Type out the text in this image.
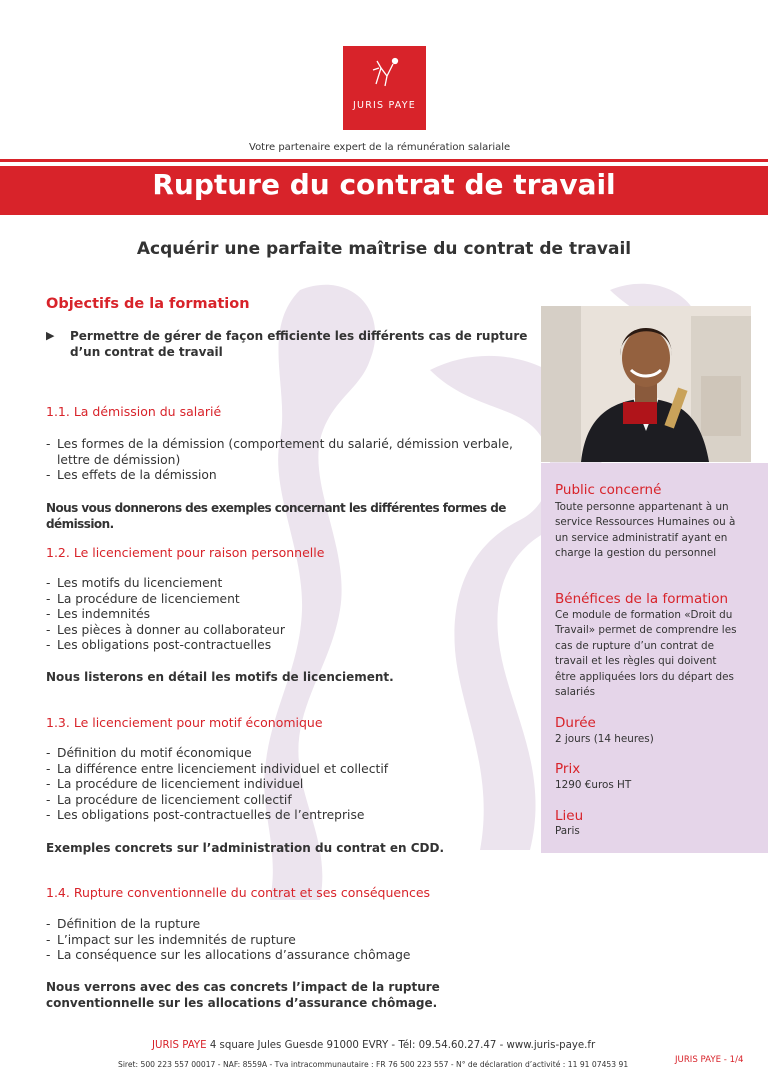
JURIS PAYE
Votre partenaire expert de la rémunération salariale
Rupture du contrat de travail
Acquérir une parfaite maîtrise du contrat de travail
Objectifs de la formation
▶ Permettre de gérer de façon efficiente les différents cas de rupture d’un contrat de travail
1.1. La démission du salarié
- Les formes de la démission (comportement du salarié, démission verbale, lettre de démission)
- Les effets de la démission
Nous vous donnerons des exemples concernant les différentes formes de démission.
1.2. Le licenciement pour raison personnelle
- Les motifs du licenciement
- La procédure de licenciement
- Les indemnités
- Les pièces à donner au collaborateur
- Les obligations post-contractuelles
Nous listerons en détail les motifs de licenciement.
1.3. Le licenciement pour motif économique
- Définition du motif économique
- La différence entre licenciement individuel et collectif
- La procédure de licenciement individuel
- La procédure de licenciement collectif
- Les obligations post-contractuelles de l’entreprise
Exemples concrets sur l’administration du contrat en CDD.
1.4. Rupture conventionnelle du contrat et ses conséquences
- Définition de la rupture
- L’impact sur les indemnités de rupture
- La conséquence sur les allocations d’assurance chômage
Nous verrons avec des cas concrets l’impact de la rupture conventionnelle sur les allocations d’assurance chômage.
Public concerné
Toute personne appartenant à un service Ressources Humaines ou à un service administratif ayant en charge la gestion du personnel
Bénéfices de la formation
Ce module de formation «Droit du Travail» permet de comprendre les cas de rupture d’un contrat de travail et les règles qui doivent être appliquées lors du départ des salariés
Durée
2 jours (14 heures)
Prix
1290 €uros HT
Lieu
Paris
JURIS PAYE 4 square Jules Guesde 91000 EVRY - Tél: 09.54.60.27.47 - www.juris-paye.fr
Siret: 500 223 557 00017 - NAF: 8559A - Tva intracommunautaire : FR 76 500 223 557 - N° de déclaration d’activité : 11 91 07453 91	JURIS PAYE - 1/4
